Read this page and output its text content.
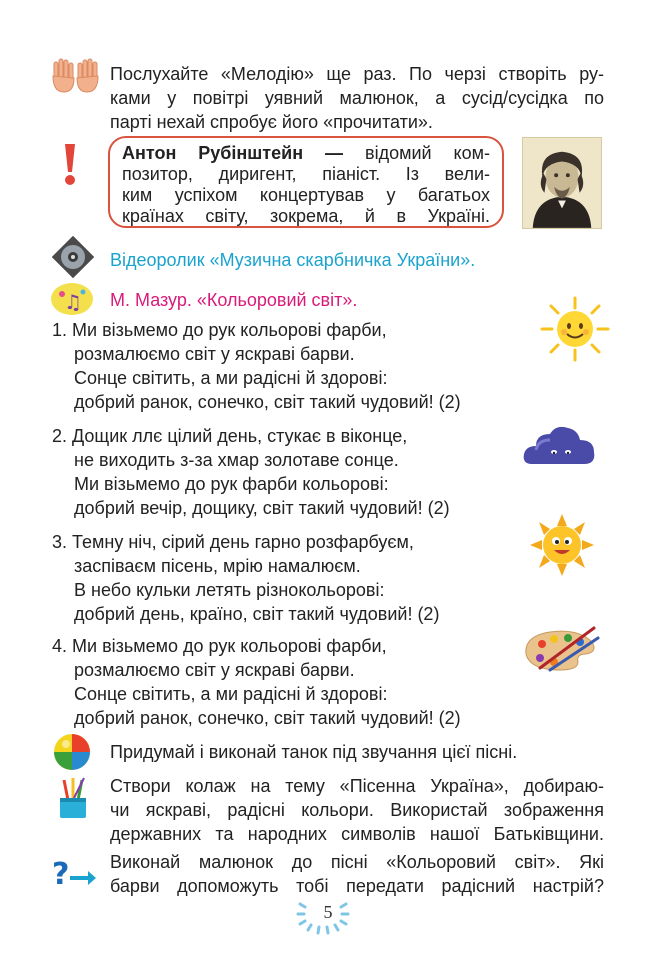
Послухайте «Мелодію» ще раз. По черзі створіть ру-
ками у повітрі уявний малюнок, а сусід/сусідка по
парті нехай спробує його «прочитати».
Антон Рубінштейн — відомий ком-
позитор, диригент, піаніст. Із вели-
ким успіхом концертував у багатьох
країнах світу, зокрема, й в Україні.
Відеоролик «Музична скарбничка України».
♫ М. Мазур. «Кольоровий світ».
1. Ми візьмемо до рук кольорові фарби,
розмалюємо світ у яскраві барви.
Сонце світить, а ми радісні й здорові:
добрий ранок, сонечко, світ такий чудовий! (2)
2. Дощик ллє цілий день, стукає в віконце,
не виходить з-за хмар золотаве сонце.
Ми візьмемо до рук фарби кольорові:
добрий вечір, дощику, світ такий чудовий! (2)
3. Темну ніч, сірий день гарно розфарбуєм,
заспіваєм пісень, мрію намалюєм.
В небо кульки летять різнокольорові:
добрий день, країно, світ такий чудовий! (2)
4. Ми візьмемо до рук кольорові фарби,
розмалюємо світ у яскраві барви.
Сонце світить, а ми радісні й здорові:
добрий ранок, сонечко, світ такий чудовий! (2)
Придумай і виконай танок під звучання цієї пісні.
Створи колаж на тему «Пісенна Україна», добираю-
чи яскраві, радісні кольори. Використай зображення
державних та народних символів нашої Батьківщини.
? Виконай малюнок до пісні «Кольоровий світ». Які
барви допоможуть тобі передати радісний настрій?
5
